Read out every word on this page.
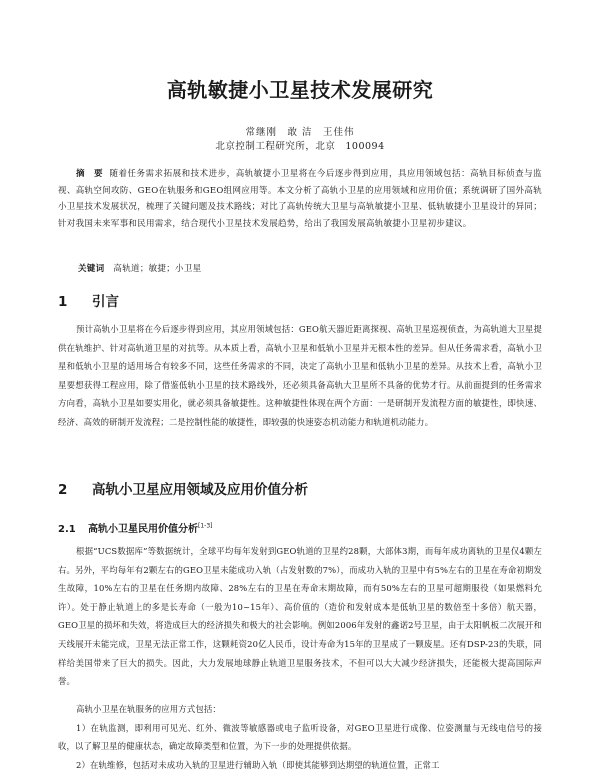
高轨敏捷小卫星技术发展研究
常继刚　敢 洁　王佳伟
北京控制工程研究所，北京　100094
摘　要 随着任务需求拓展和技术进步，高轨敏捷小卫星将在今后逐步得到应用，具应用领域包括：高轨目标侦查与监视、高轨空间攻防、GEO在轨服务和GEO组网应用等。本文分析了高轨小卫星的应用领域和应用价值；系统调研了国外高轨小卫星技术发展状况，梳理了关键问题及技术路线；对比了高轨传统大卫星与高轨敏捷小卫星、低轨敏捷小卫星设计的异同；针对我国未来军事和民用需求，结合现代小卫星技术发展趋势，给出了我国发展高轨敏捷小卫星初步建议。
关键词 高轨道；敏捷；小卫星
1 引言
预计高轨小卫星将在今后逐步得到应用，其应用领域包括：GEO航天器近距离探视、高轨卫星巡视侦查，为高轨道大卫星提供在轨维护、针对高轨道卫星的对抗等。从本质上看，高轨小卫星和低轨小卫星并无根本性的差异。但从任务需求看，高轨小卫星和低轨小卫星的适用场合有较多不同，这些任务需求的不同，决定了高轨小卫星和低轨小卫星的差异。从技术上看，高轨小卫星要想获得工程应用，除了借鉴低轨小卫星的技术路线外，还必须具备高轨大卫星所不具备的优势才行。从前面提到的任务需求方向看，高轨小卫星如要实用化，就必须具备敏捷性。这种敏捷性体现在两个方面：一是研制开发流程方面的敏捷性，即快速、经济、高效的研制开发流程；二是控制性能的敏捷性，即较强的快速姿态机动能力和轨道机动能力。
2 高轨小卫星应用领域及应用价值分析
2.1 高轨小卫星民用价值分析[1-3]
根据“UCS数据库”等数据统计，全球平均每年发射到GEO轨道的卫星约28颗，大部体3期，而每年成功离轨的卫星仅4颗左右。另外，平均每年有2颗左右的GEO卫星未能成功入轨（占发射数的7%），而成功入轨的卫星中有5%左右的卫星在寿命初期发生故障，10%左右的卫星在任务期内故障、28%左右的卫星在寿命末期故障，而有50%左右的卫星可超期服役（如果燃料允许）。处于静止轨道上的多是长寿命（一般为10~15年）、高价值的（造价和发射成本是低轨卫星的数倍至十多倍）航天器，GEO卫星的损坏和失效，将造成巨大的经济损失和极大的社会影响。例如2006年发射的鑫诺2号卫星，由于太阳帆板二次展开和天线展开未能完成，卫星无法正常工作，这颗耗资20亿人民币，设计寿命为15年的卫星成了一颗废星。还有DSP-23的失联，同样给美国带来了巨大的损失。因此，大力发展地球静止轨道卫星服务技术，不但可以大大减少经济损失，还能极大提高国际声誉。

高轨小卫星在轨服务的应用方式包括：

1）在轨监测，即利用可见光、红外、微波等敏感器或电子监听设备，对GEO卫星进行成像、位姿测量与无线电信号的接收，以了解卫星的健康状态，确定故障类型和位置，为下一步的处理提供依据。

2）在轨维修，包括对未成功入轨的卫星进行辅助入轨（即使其能够到达期望的轨道位置，正常工
